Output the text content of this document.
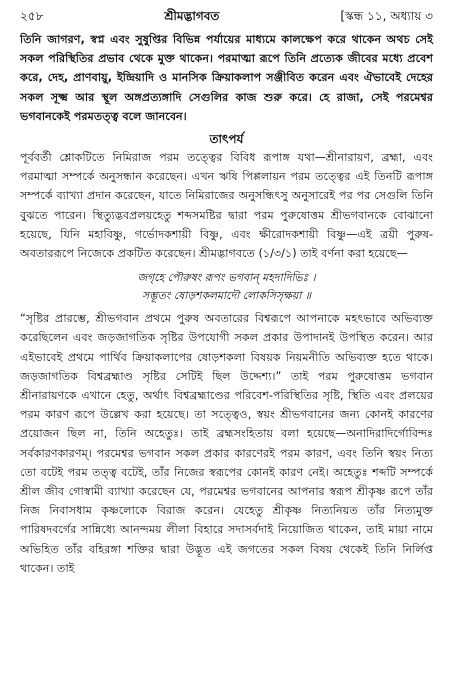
২৫৮	শ্রীমদ্ভাগবত	[স্কন্ধ ১১, অধ্যায় ৩

তিনি জাগরণ, স্বপ্ন এবং সুষুপ্তির বিভিন্ন পর্যায়ের মাধ্যমে কালক্ষেপ করে থাকেন অথচ সেই সকল পরিস্থিতির প্রভাব থেকে মুক্ত থাকেন। পরমাত্মা রূপে তিনি প্রত্যেক জীবের মধ্যে প্রবেশ করে, দেহ, প্রাণবায়ু, ইন্দ্রিয়াদি ও মানসিক ক্রিয়াকলাপ সঞ্জীবিত করেন এবং ঐভাবেই দেহের সকল সূক্ষ্ম আর স্থূল অঙ্গপ্রত্যঙ্গাদি সেগুলির কাজ শুরু করে। হে রাজা, সেই পরমেশ্বর ভগবানকেই পরমতত্ত্ব বলে জানবেন।

তাৎপর্য

পূর্ববর্তী শ্লোকটিতে নিমিরাজ পরম তত্ত্বের বিবিধ রূপাঙ্গ যথা—শ্রীনারায়ণ, ব্রহ্মা, এবং পরমাত্মা সম্পর্কে অনুসন্ধান করেছেন। এখন ঋষি পিপ্পলায়ন পরম তত্ত্বের এই তিনটি রূপাঙ্গ সম্পর্কে ব্যাখ্যা প্রদান করেছেন, যাতে নিমিরাজের অনুসন্ধিৎসু অনুসারেই পর পর সেগুলি তিনি বুঝতে পারেন। স্থিত্যুদ্ভবপ্রলয়হেতু শব্দসমষ্টির দ্বারা পরম পুরুষোত্তম শ্রীভগবানকে বোঝানো হয়েছে, যিনি মহাবিষ্ণু, গর্ভোদকশায়ী বিষ্ণু, এবং ক্ষীরোদকশায়ী বিষ্ণু—এই ত্রয়ী পুরুষ-অবতাররূপে নিজেকে প্রকটিত করেছেন। শ্রীমদ্ভাগবতে (১/৩/১) তাই বর্ণনা করা হয়েছে—

জগৃহে পৌরুষং রূপং ভগবান্ মহদাদিভিঃ ।
সম্ভূতং ষোড়শকলমাদৌ লোকসিসৃক্ষয়া ॥

“সৃষ্টির প্রারম্ভে, শ্রীভগবান প্রথমে পুরুষ অবতারের বিশ্বরূপে আপনাকে মহৎভাবে অভিব্যক্ত করেছিলেন এবং জড়জাগতিক সৃষ্টির উপযোগী সকল প্রকার উপাদানই উপস্থিত করেন। আর এইভাবেই প্রথমে পার্থিব ক্রিয়াকলাপের ষোড়শকলা বিষয়ক নিয়মনীতি অভিব্যক্ত হতে থাকে। জড়জাগতিক বিশ্বব্রহ্মাণ্ড সৃষ্টির সেটিই ছিল উদ্দেশ্য।” তাই পরম পুরুষোত্তম ভগবান শ্রীনারায়ণকে এখানে হেতু, অর্থাৎ বিশ্বব্রহ্মাণ্ডের পরিবেশ-পরিস্থিতির সৃষ্টি, স্থিতি এবং প্রলয়ের পরম কারণ রূপে উল্লেখ করা হয়েছে। তা সত্ত্বেও, স্বয়ং শ্রীভগবানের জন্য কোনই কারণের প্রয়োজন ছিল না, তিনি অহেতুঃ। তাই ব্রহ্মসংহিতায় বলা হয়েছে—অনাদিরাদির্গোবিন্দঃ সর্বকারণকারণম্। পরমেশ্বর ভগবান সকল প্রকার কারণেরই পরম কারণ, এবং তিনি স্বয়ং নিত্য তো বটেই পরম তত্ত্ব বটেই, তাঁর নিজের স্বরূপের কোনই কারণ নেই। অহেতুঃ শব্দটি সম্পর্কে শ্রীল জীব গোস্বামী ব্যাখ্যা করেছেন যে, পরমেশ্বর ভগবানের আপনার স্বরূপ শ্রীকৃষ্ণ রূপে তাঁর নিজ নিবাসধাম কৃষ্ণলোকে বিরাজ করেন। যেহেতু শ্রীকৃষ্ণ নিত্যনিয়ত তাঁর নিত্যমুক্ত পারিষদবর্গের সান্নিধ্যে আনন্দময় লীলা বিহারে সদাসর্বদাই নিয়োজিত থাকেন, তাই মায়া নামে অভিহিত তাঁর বহিরঙ্গা শক্তির দ্বারা উদ্ভূত এই জগতের সকল বিষয় থেকেই তিনি নির্লিপ্ত থাকেন। তাই
